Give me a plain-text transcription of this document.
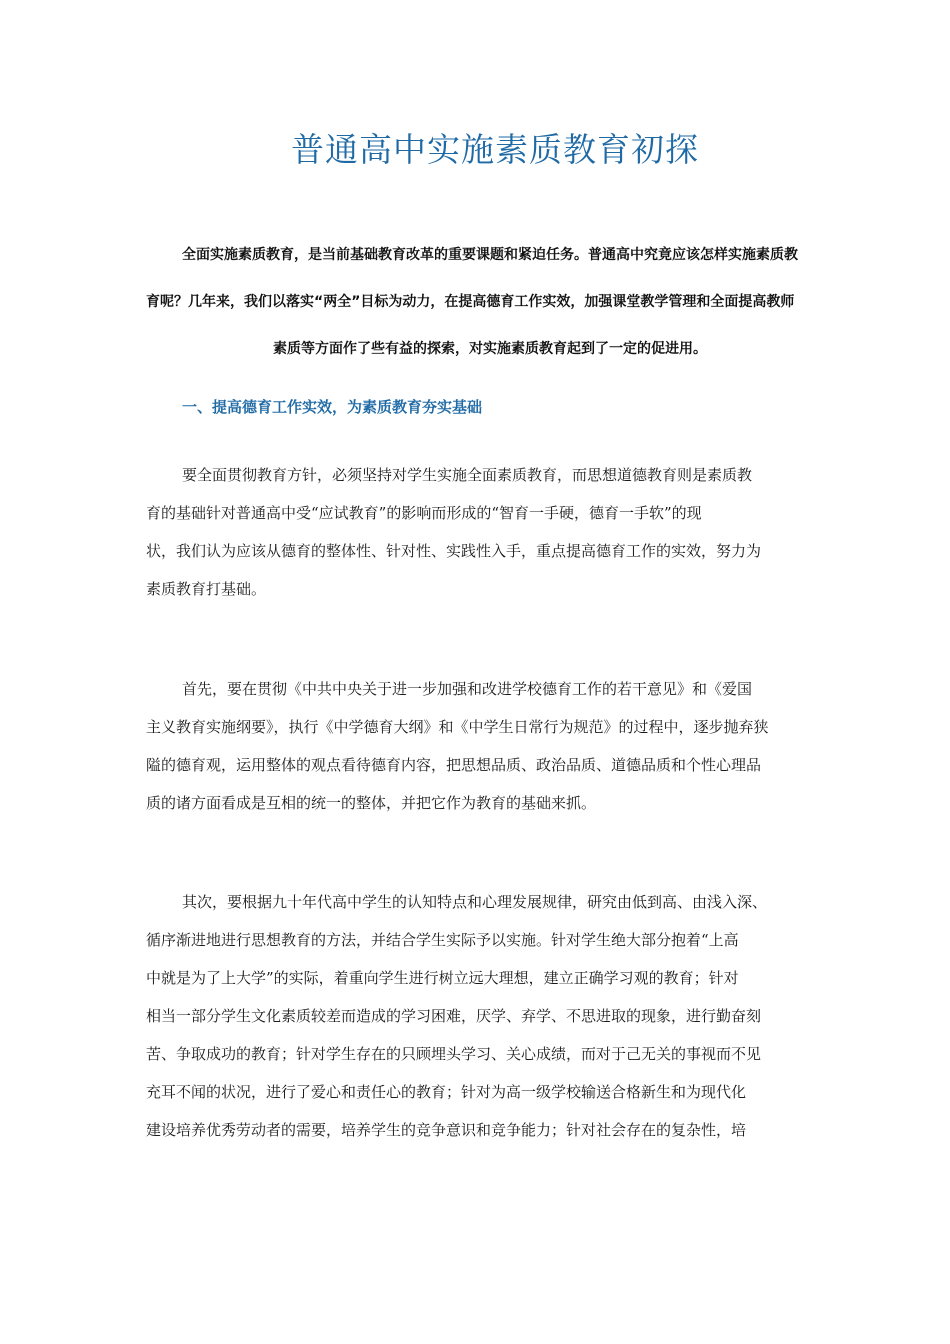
普通高中实施素质教育初探
全面实施素质教育，是当前基础教育改革的重要课题和紧迫任务。普通高中究竟应该怎样实施素质教
育呢？几年来，我们以落实“两全”目标为动力，在提高德育工作实效，加强课堂教学管理和全面提高教师
素质等方面作了些有益的探索，对实施素质教育起到了一定的促进用。
一、提高德育工作实效，为素质教育夯实基础
要全面贯彻教育方针，必须坚持对学生实施全面素质教育，而思想道德教育则是素质教
育的基础针对普通高中受“应试教育”的影响而形成的“智育一手硬，德育一手软”的现
状，我们认为应该从德育的整体性、针对性、实践性入手，重点提高德育工作的实效，努力为
素质教育打基础。
首先，要在贯彻《中共中央关于进一步加强和改进学校德育工作的若干意见》和《爱国
主义教育实施纲要》，执行《中学德育大纲》和《中学生日常行为规范》的过程中，逐步抛弃狭
隘的德育观，运用整体的观点看待德育内容，把思想品质、政治品质、道德品质和个性心理品
质的诸方面看成是互相的统一的整体，并把它作为教育的基础来抓。
其次，要根据九十年代高中学生的认知特点和心理发展规律，研究由低到高、由浅入深、
循序渐进地进行思想教育的方法，并结合学生实际予以实施。针对学生绝大部分抱着“上高
中就是为了上大学”的实际，着重向学生进行树立远大理想，建立正确学习观的教育；针对
相当一部分学生文化素质较差而造成的学习困难，厌学、弃学、不思进取的现象，进行勤奋刻
苦、争取成功的教育；针对学生存在的只顾埋头学习、关心成绩，而对于己无关的事视而不见
充耳不闻的状况，进行了爱心和责任心的教育；针对为高一级学校输送合格新生和为现代化
建设培养优秀劳动者的需要，培养学生的竞争意识和竞争能力；针对社会存在的复杂性，培
